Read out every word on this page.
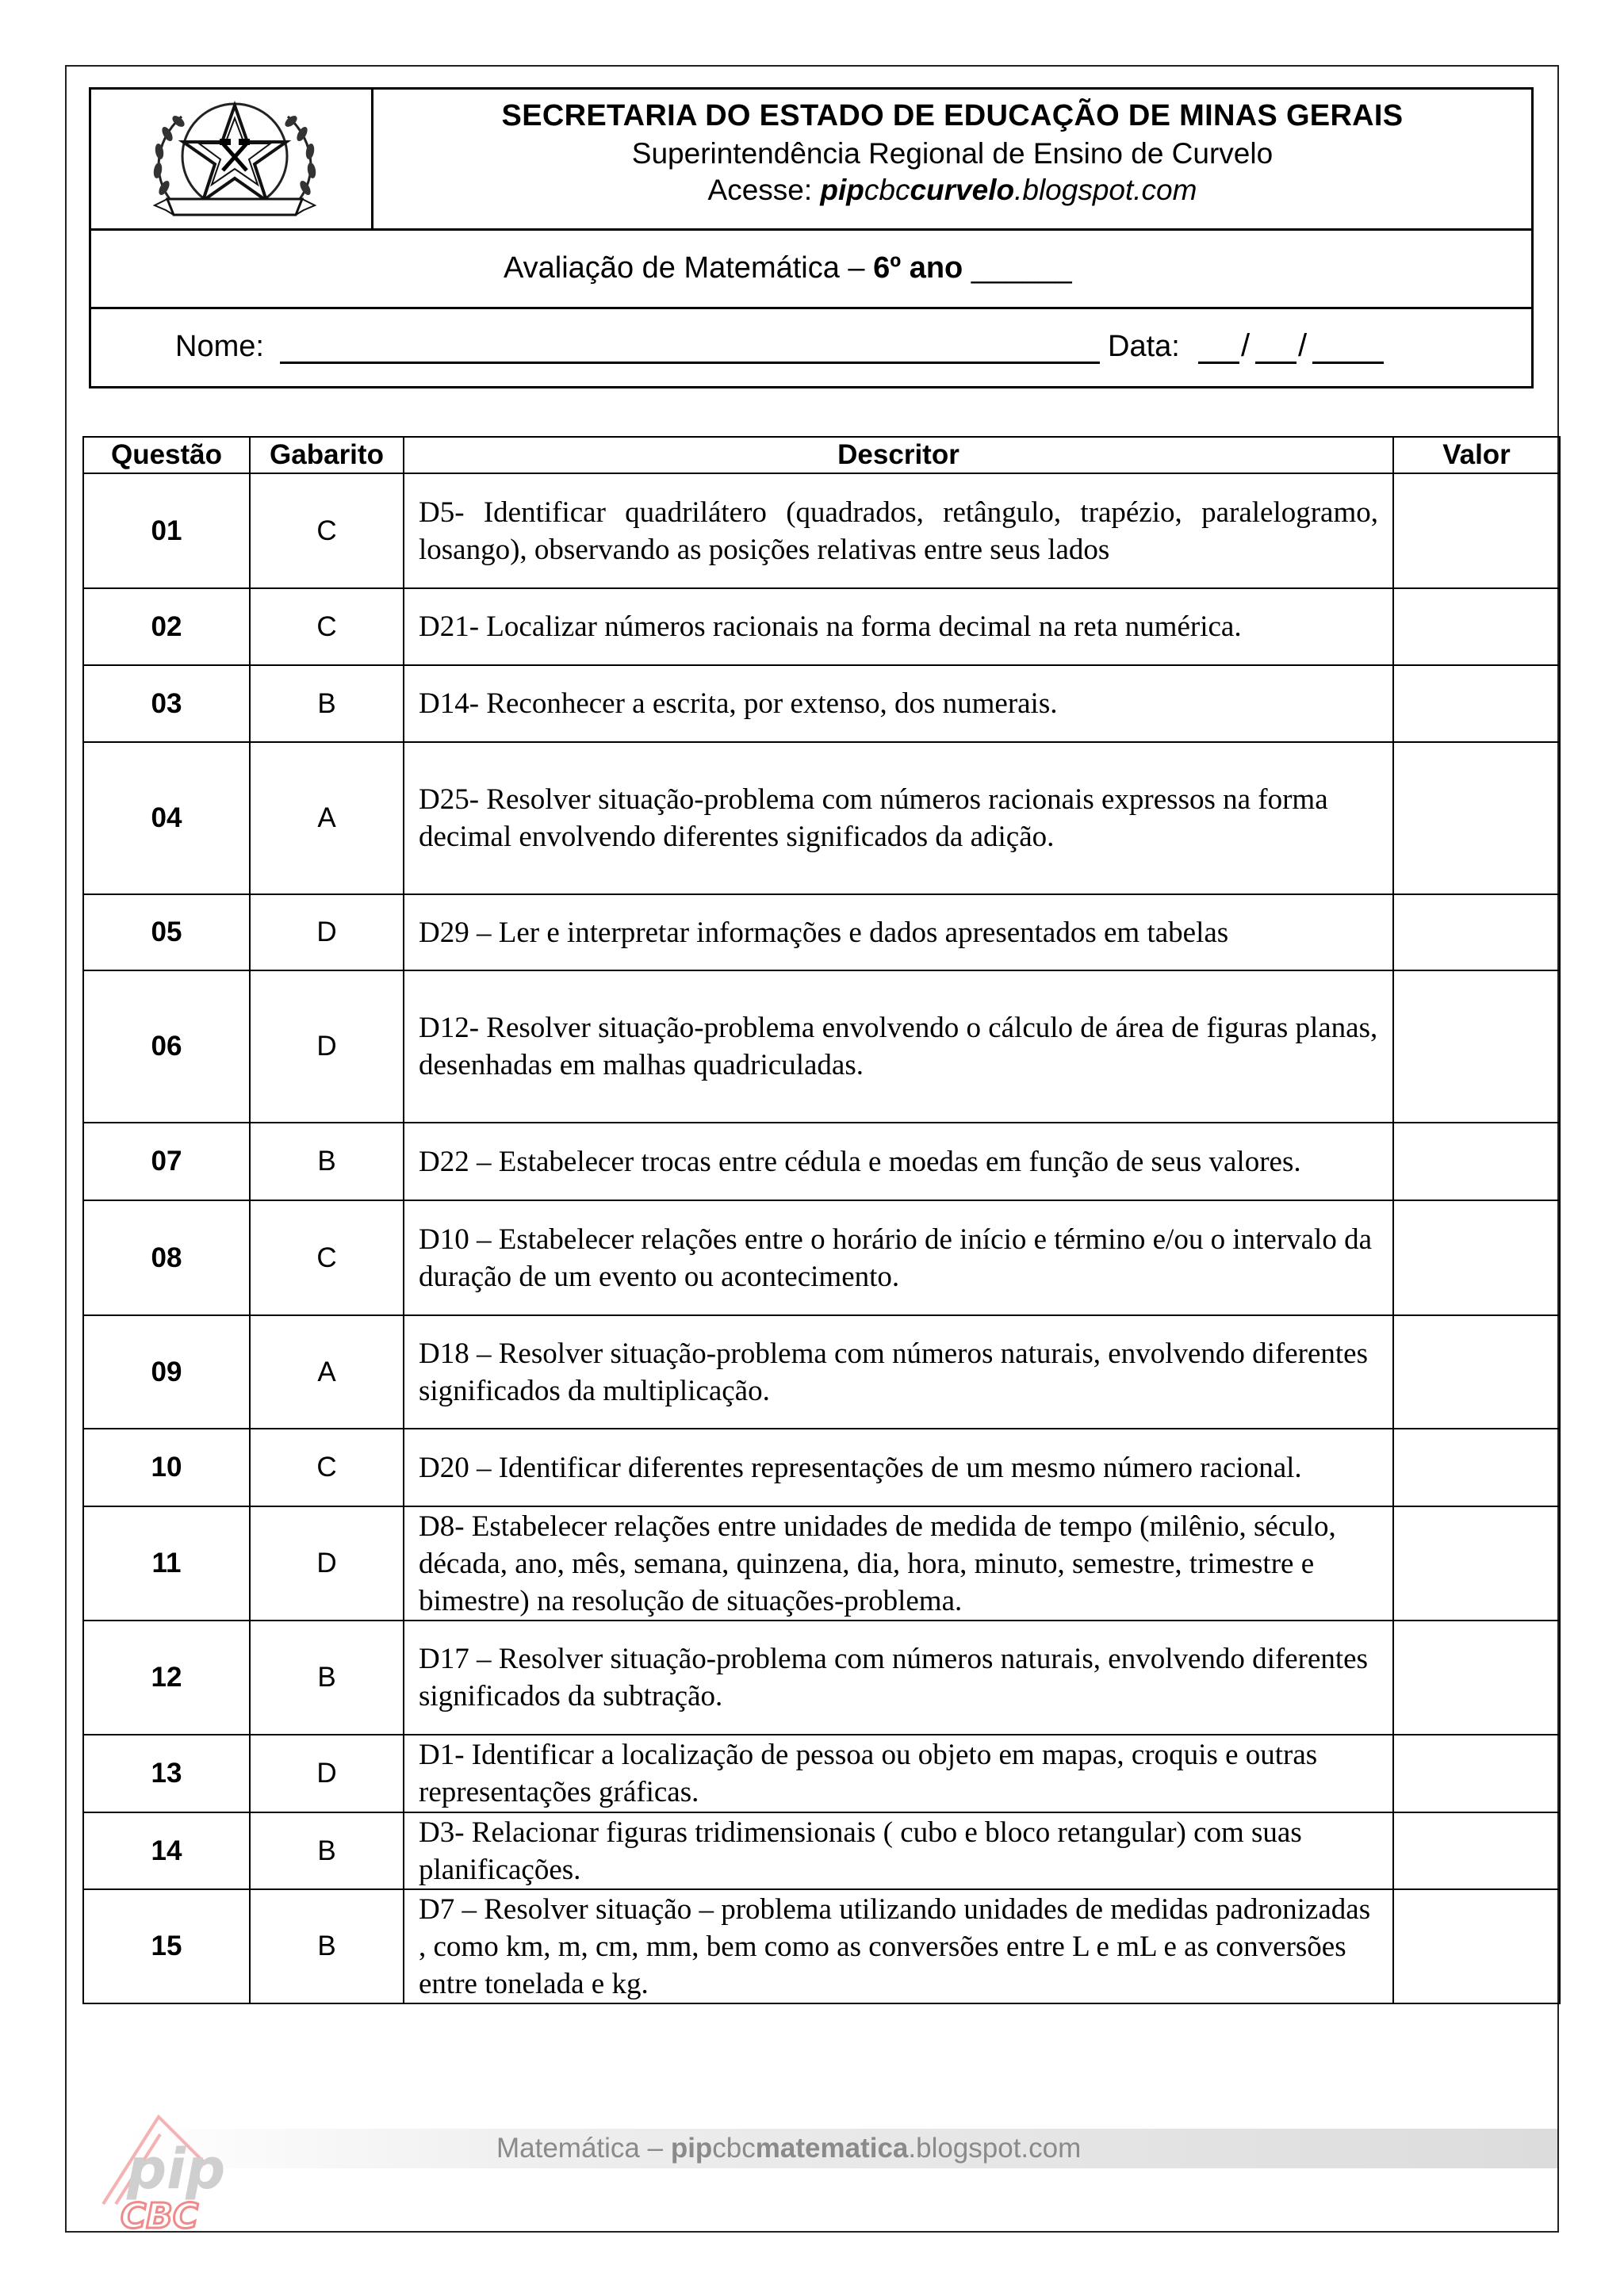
SECRETARIA DO ESTADO DE EDUCAÇÃO DE MINAS GERAIS
Superintendência Regional de Ensino de Curvelo
Acesse: pipcbccurvelo.blogspot.com
Avaliação de Matemática – 6º ano ______
Nome:	Data: / /
Questão	Gabarito	Descritor	Valor
01	C	D5- Identificar quadrilátero (quadrados, retângulo, trapézio, paralelogramo, losango), observando as posições relativas entre seus lados	
02	C	D21- Localizar números racionais na forma decimal na reta numérica.	
03	B	D14- Reconhecer a escrita, por extenso, dos numerais.	
04	A	D25- Resolver situação-problema com números racionais expressos na forma decimal envolvendo diferentes significados da adição.	
05	D	D29 – Ler e interpretar informações e dados apresentados em tabelas	
06	D	D12- Resolver situação-problema envolvendo o cálculo de área de figuras planas, desenhadas em malhas quadriculadas.	
07	B	D22 – Estabelecer trocas entre cédula e moedas em função de seus valores.	
08	C	D10 – Estabelecer relações entre o horário de início e término e/ou o intervalo da duração de um evento ou acontecimento.	
09	A	D18 – Resolver situação-problema com números naturais, envolvendo diferentes significados da multiplicação.	
10	C	D20 – Identificar diferentes representações de um mesmo número racional.	
11	D	D8- Estabelecer relações entre unidades de medida de tempo (milênio, século, década, ano, mês, semana, quinzena, dia, hora, minuto, semestre, trimestre e bimestre) na resolução de situações-problema.	
12	B	D17 – Resolver situação-problema com números naturais, envolvendo diferentes significados da subtração.	
13	D	D1- Identificar a localização de pessoa ou objeto em mapas, croquis e outras representações gráficas.	
14	B	D3- Relacionar figuras tridimensionais ( cubo e bloco retangular) com suas planificações.	
15	B	D7 – Resolver situação – problema utilizando unidades de medidas padronizadas , como km, m, cm, mm, bem como as conversões entre L e mL e as conversões entre tonelada e kg.	
Matemática – pipcbcmatematica.blogspot.com
pip
CBC
